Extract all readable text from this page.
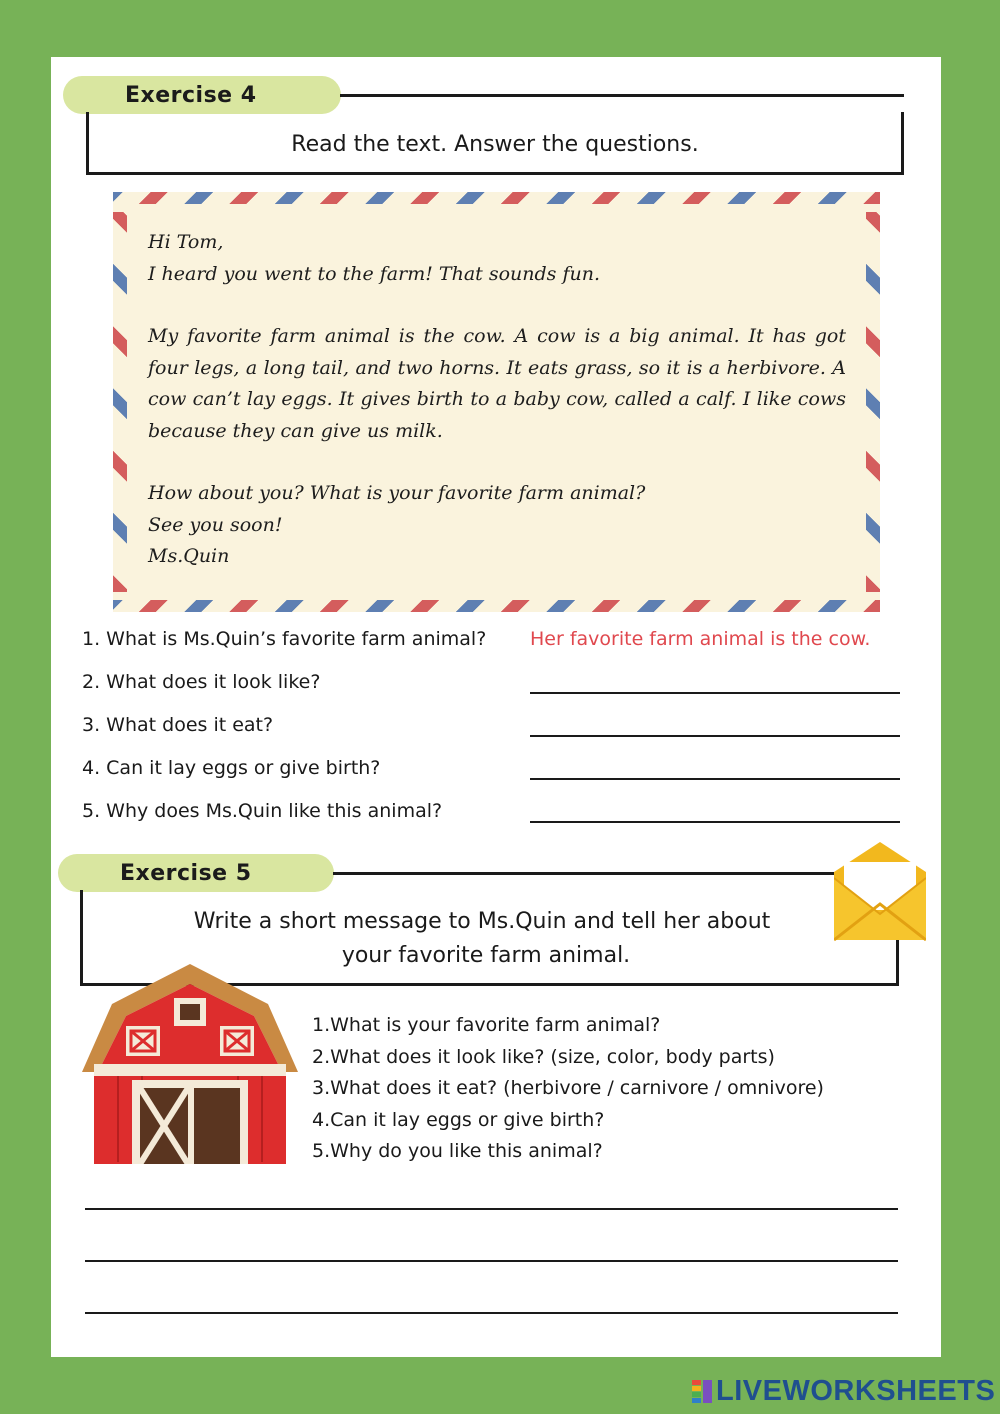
Exercise 4
Read the text. Answer the questions.

Hi Tom,

I heard you went to the farm! That sounds fun.

My favorite farm animal is the cow. A cow is a big animal. It has got four legs, a long tail, and two horns. It eats grass, so it is a herbivore. A cow can’t lay eggs. It gives birth to a baby cow, called a calf. I like cows because they can give us milk.

How about you? What is your favorite farm animal?

See you soon!

Ms.Quin

1. What is Ms.Quin’s favorite farm animal? Her favorite farm animal is the cow.
2. What does it look like?
3. What does it eat?
4. Can it lay eggs or give birth?
5. Why does Ms.Quin like this animal?
Exercise 5
Write a short message to Ms.Quin and tell her about
your favorite farm animal.
1.What is your favorite farm animal?
2.What does it look like? (size, color, body parts)
3.What does it eat? (herbivore / carnivore / omnivore)
4.Can it lay eggs or give birth?
5.Why do you like this animal?
LIVEWORKSHEETS
